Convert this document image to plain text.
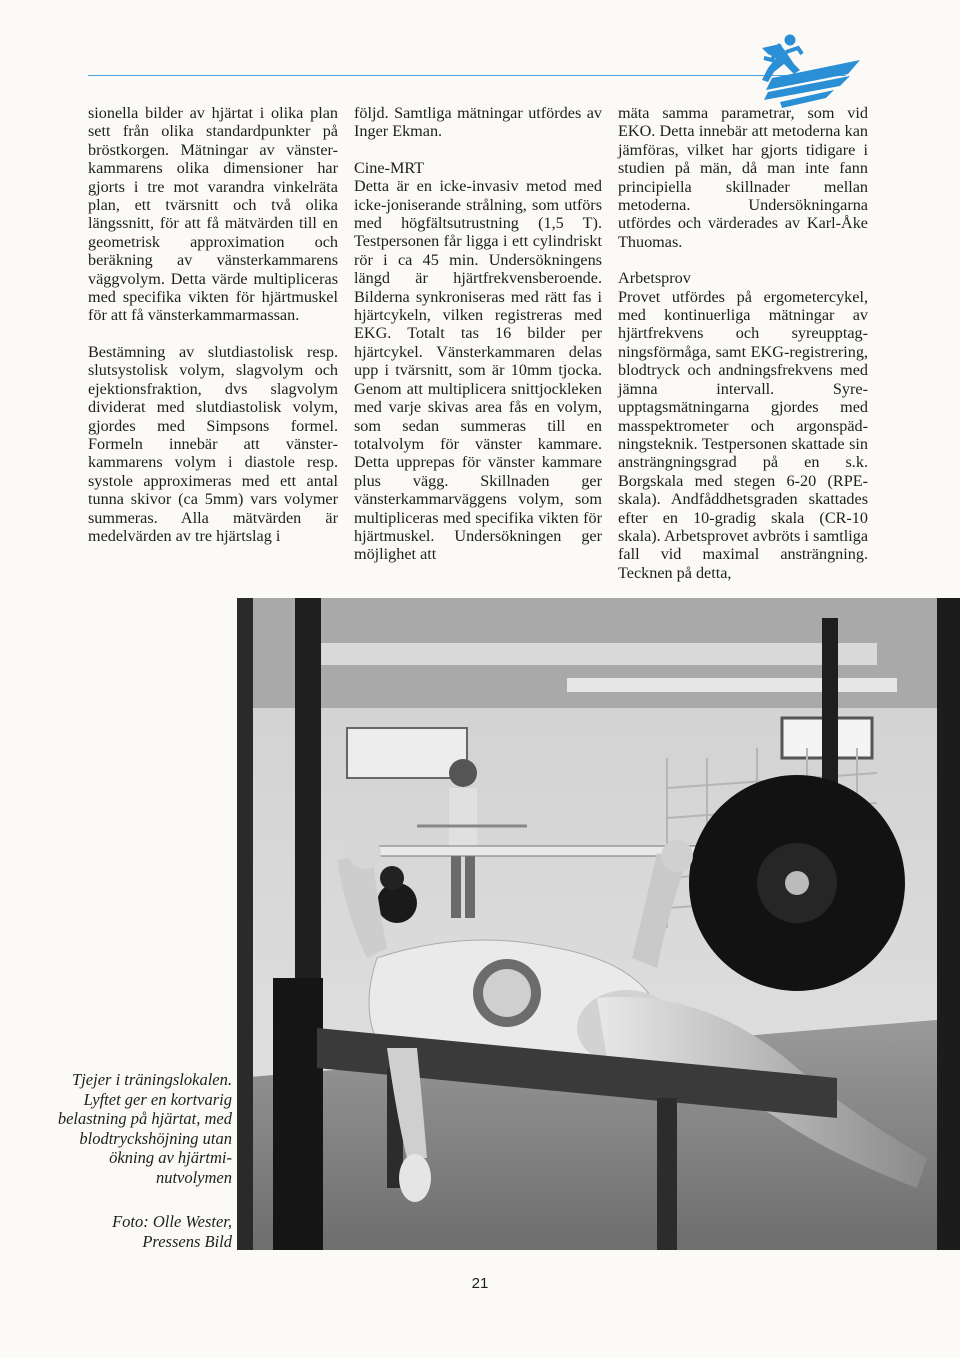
sionella bilder av hjärtat i olika plan sett från olika standardpunkter på bröstkorgen. Mätningar av vänster-kammarens olika dimensioner har gjorts i tre mot varandra vinkelräta plan, ett tvärsnitt och två olika längssnitt, för att få mätvärden till en geometrisk approximation och beräkning av vänsterkammarens väggvolym. Detta värde multipliceras med specifika vikten för hjärtmuskel för att få vänsterkammarmassan.

Bestämning av slutdiastolisk resp. slutsystolisk volym, slagvolym och ejektionsfraktion, dvs slagvolym dividerat med slutdiastolisk volym, gjordes med Simpsons formel. Formeln innebär att vänsterkammarens volym i diastole resp. systole approximeras med ett antal tunna skivor (ca 5mm) vars volymer summeras. Alla mätvärden är medelvärden av tre hjärtslag i

följd. Samtliga mätningar utfördes av Inger Ekman.

Cine-MRT

Detta är en icke-invasiv metod med icke-joniserande strålning, som utförs med högfältsutrustning (1,5 T). Testpersonen får ligga i ett cylindriskt rör i ca 45 min. Undersökningens längd är hjärtfrekvensberoende. Bilderna synkroniseras med rätt fas i hjärtcykeln, vilken registreras med EKG. Totalt tas 16 bilder per hjärtcykel. Vänsterkammaren delas upp i tvärsnitt, som är 10mm tjocka. Genom att multiplicera snittjockleken med varje skivas area fås en volym, som sedan summeras till en totalvolym för vänster kammare. Detta upprepas för vänster kammare plus vägg. Skillnaden ger vänsterkammarväggens volym, som multipliceras med specifika vikten för hjärtmuskel. Undersökningen ger möjlighet att

mäta samma parametrar, som vid EKO. Detta innebär att metoderna kan jämföras, vilket har gjorts tidigare i studien på män, då man inte fann principiella skillnader mellan metoderna. Undersökningarna utfördes och värderades av Karl-Åke Thuomas.

Arbetsprov

Provet utfördes på ergometercykel, med kontinuerliga mätningar av hjärtfrekvens och syreupptagningsförmåga, samt EKG-registrering, blodtryck och andningsfrekvens med jämna intervall. Syreupptagsmätningarna gjordes med masspektrometer och argonspädningsteknik. Testpersonen skattade sin ansträngningsgrad på en s.k. Borgskala med stegen 6-20 (RPE-skala). Andfåddhetsgraden skattades efter en 10-gradig skala (CR-10 skala). Arbetsprovet avbröts i samtliga fall vid maximal ansträngning. Tecknen på detta,

Tjejer i träningslokalen. Lyftet ger en kortvarig belastning på hjärtat, med blodtryckshöjning utan ökning av hjärtminutvolymen

Foto: Olle Wester,
Pressens Bild
21
